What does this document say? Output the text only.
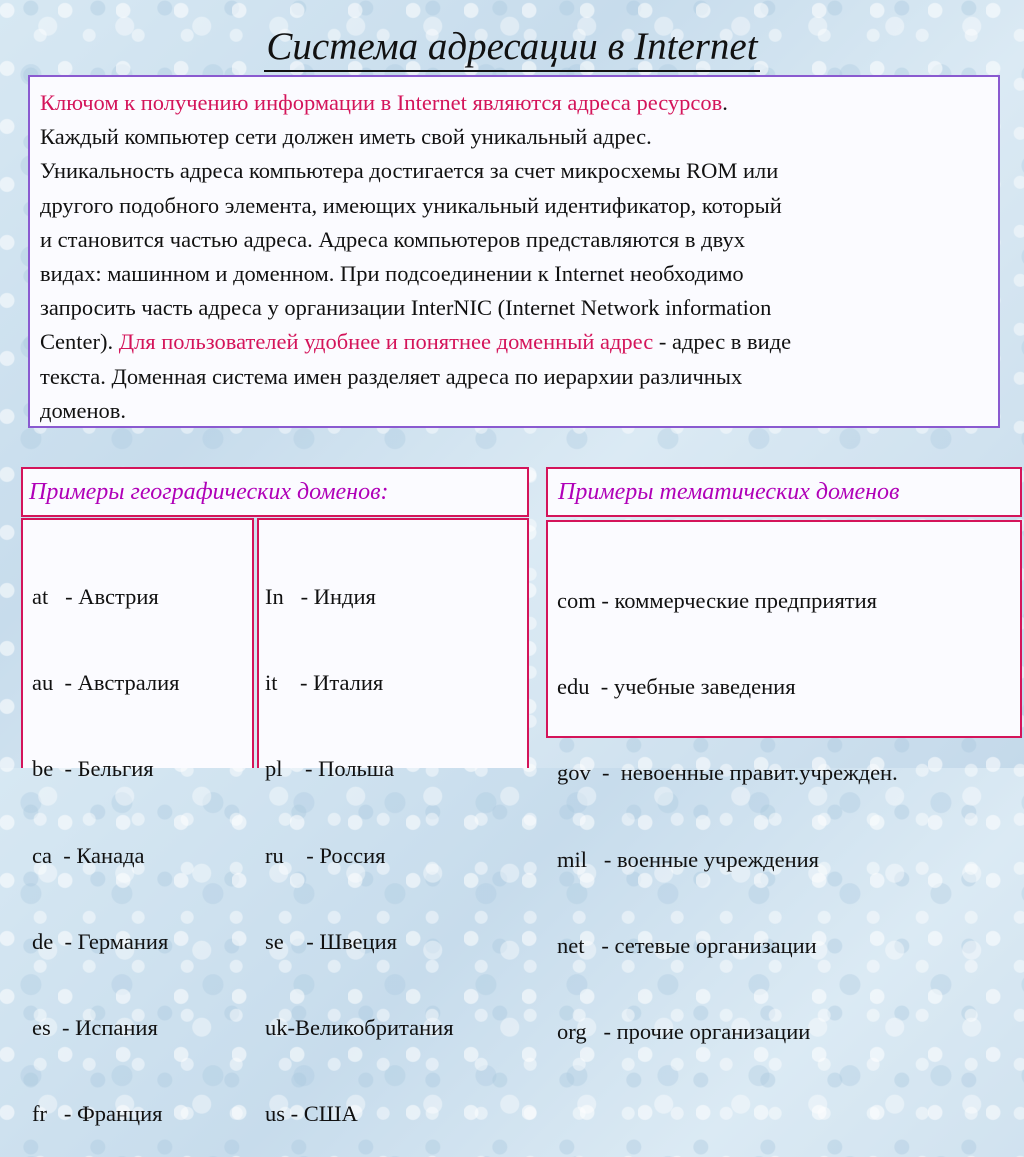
Система адресации в Internet
Ключом к получению информации в Internet являются адреса ресурсов.
Каждый компьютер сети должен иметь свой уникальный адрес.
Уникальность адреса компьютера достигается за счет микросхемы ROM или
другого подобного элемента, имеющих уникальный идентификатор, который
и становится частью адреса. Адреса компьютеров представляются в двух
видах: машинном и доменном. При подсоединении к Internet необходимо
запросить часть адреса у организации InterNIC (Internet Network information
Center). Для пользователей удобнее и понятнее доменный адрес - адрес в виде
текста. Доменная система имен разделяет адреса по иерархии различных
доменов.
Примеры географических доменов:	Примеры тематических доменов

at   - Австрия

au  - Австралия

be  - Бельгия

ca  - Канада

de  - Германия

es  - Испания

fr   - Франция

In   - Индия

it    - Италия

pl    - Польша

ru    - Россия

se    - Швеция

uk-Великобритания

us - США

com - коммерческие предприятия

edu  - учебные заведения

gov  -  невоенные правит.учрежден.

mil   - военные учреждения

net   - сетевые организации

org   - прочие организации
